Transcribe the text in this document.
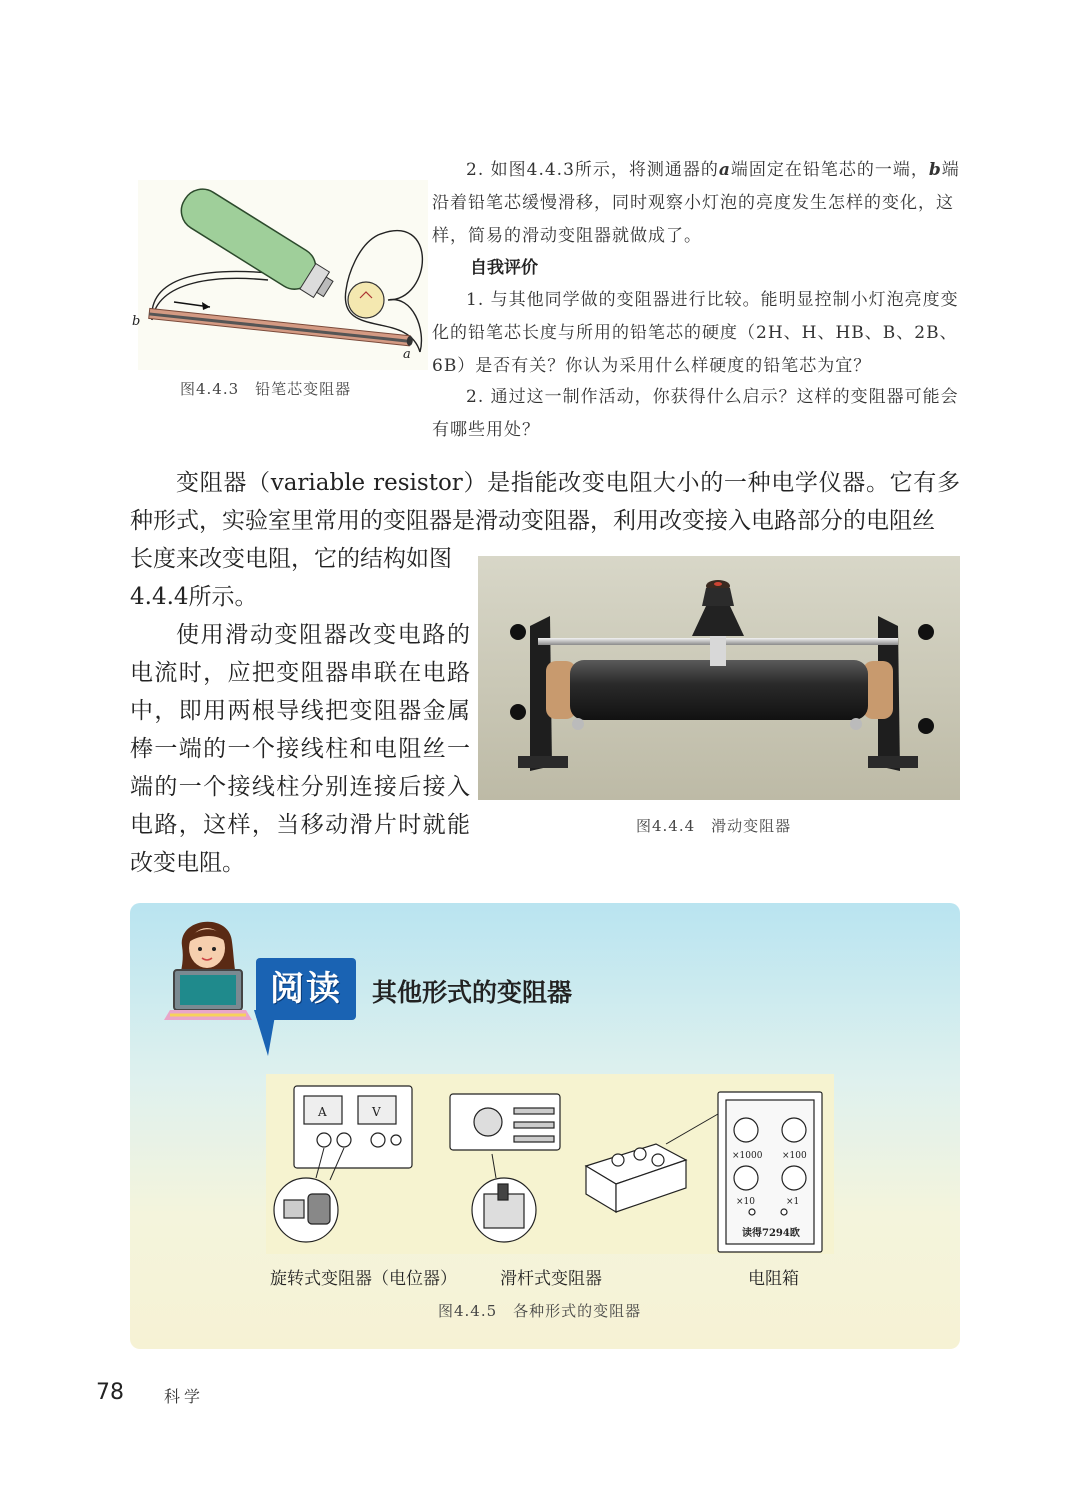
b
a
图4.4.3　铅笔芯变阻器
2. 如图4.4.3所示，将测通器的a端固定在铅笔芯的一端，b端沿着铅笔芯缓慢滑移，同时观察小灯泡的亮度发生怎样的变化，这样，简易的滑动变阻器就做成了。
自我评价
1. 与其他同学做的变阻器进行比较。能明显控制小灯泡亮度变化的铅笔芯长度与所用的铅笔芯的硬度（2H、H、HB、B、2B、6B）是否有关？你认为采用什么样硬度的铅笔芯为宜？
2. 通过这一制作活动，你获得什么启示？这样的变阻器可能会有哪些用处？
变阻器（variable resistor）是指能改变电阻大小的一种电学仪器。它有多种形式，实验室里常用的变阻器是滑动变阻器，利用改变接入电路部分的电阻丝
长度来改变电阻，它的结构如图4.4.4所示。
使用滑动变阻器改变电路的电流时，应把变阻器串联在电路中，即用两根导线把变阻器金属棒一端的一个接线柱和电阻丝一端的一个接线柱分别连接后接入电路，这样，当移动滑片时就能改变电阻。
图4.4.4　滑动变阻器
阅读	其他形式的变阻器
A	V
×1000 ×100
×10	×1
读得7294欧
旋转式变阻器（电位器）	滑杆式变阻器	电阻箱
图4.4.5　各种形式的变阻器
78	科学
